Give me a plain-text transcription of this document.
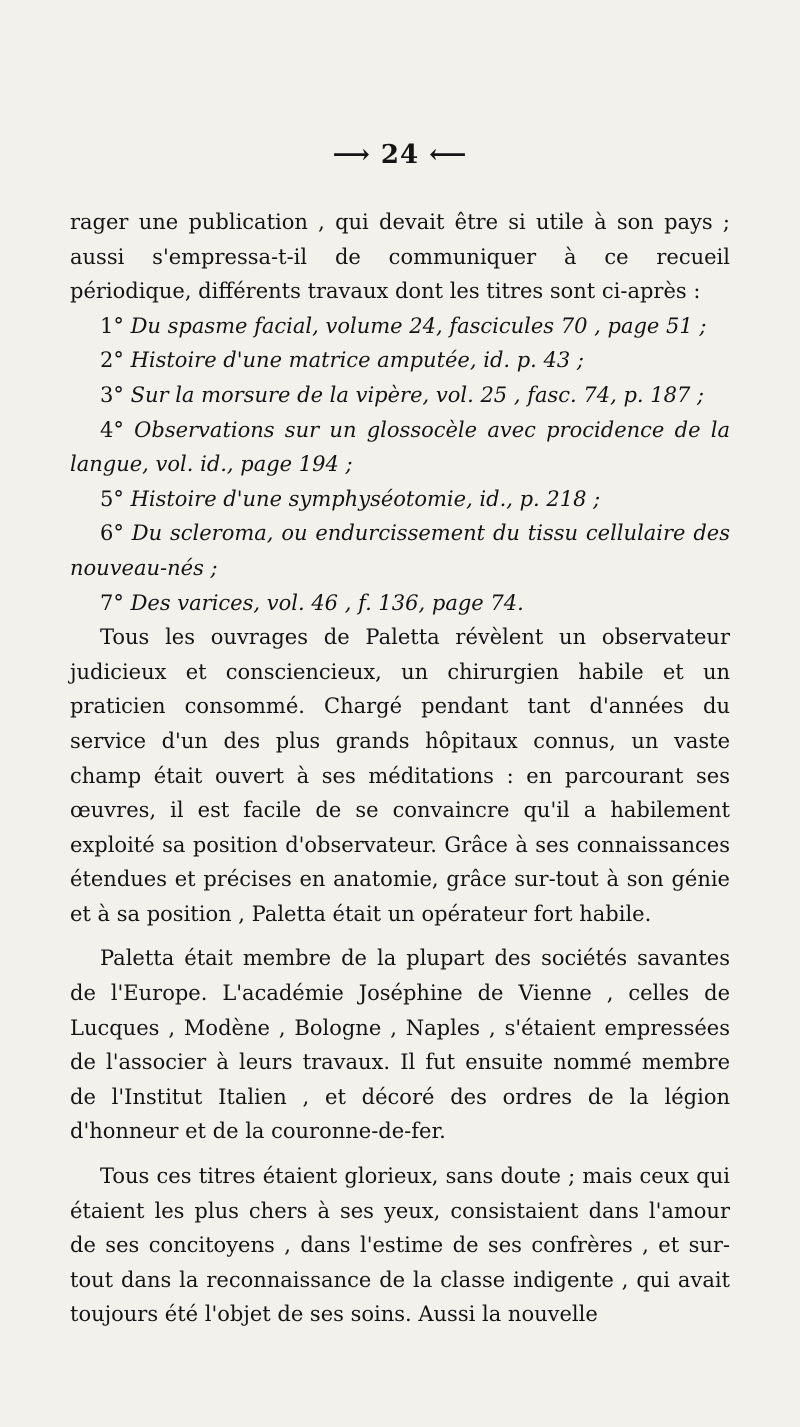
⟶ 24 ⟵

rager une publication , qui devait être si utile à son pays ; aussi s'empressa-t-il de communiquer à ce recueil périodique, différents travaux dont les titres sont ci-après :

1° Du spasme facial, volume 24, fascicules 70 , page 51 ;

2° Histoire d'une matrice amputée, id. p. 43 ;

3° Sur la morsure de la vipère, vol. 25 , fasc. 74, p. 187 ;

4° Observations sur un glossocèle avec procidence de la langue, vol. id., page 194 ;

5° Histoire d'une symphyséotomie, id., p. 218 ;

6° Du scleroma, ou endurcissement du tissu cellulaire des nouveau-nés ;

7° Des varices, vol. 46 , f. 136, page 74.

Tous les ouvrages de Paletta révèlent un observateur judicieux et consciencieux, un chirurgien habile et un praticien consommé. Chargé pendant tant d'années du service d'un des plus grands hôpitaux connus, un vaste champ était ouvert à ses méditations : en parcourant ses œuvres, il est facile de se convaincre qu'il a habilement exploité sa position d'observateur. Grâce à ses connaissances étendues et précises en anatomie, grâce sur-tout à son génie et à sa position , Paletta était un opérateur fort habile.

Paletta était membre de la plupart des sociétés savantes de l'Europe. L'académie Joséphine de Vienne , celles de Lucques , Modène , Bologne , Naples , s'étaient empressées de l'associer à leurs travaux. Il fut ensuite nommé membre de l'Institut Italien , et décoré des ordres de la légion d'honneur et de la couronne-de-fer.

Tous ces titres étaient glorieux, sans doute ; mais ceux qui étaient les plus chers à ses yeux, consistaient dans l'amour de ses concitoyens , dans l'estime de ses confrères , et sur-tout dans la reconnaissance de la classe indigente , qui avait toujours été l'objet de ses soins. Aussi la nouvelle
